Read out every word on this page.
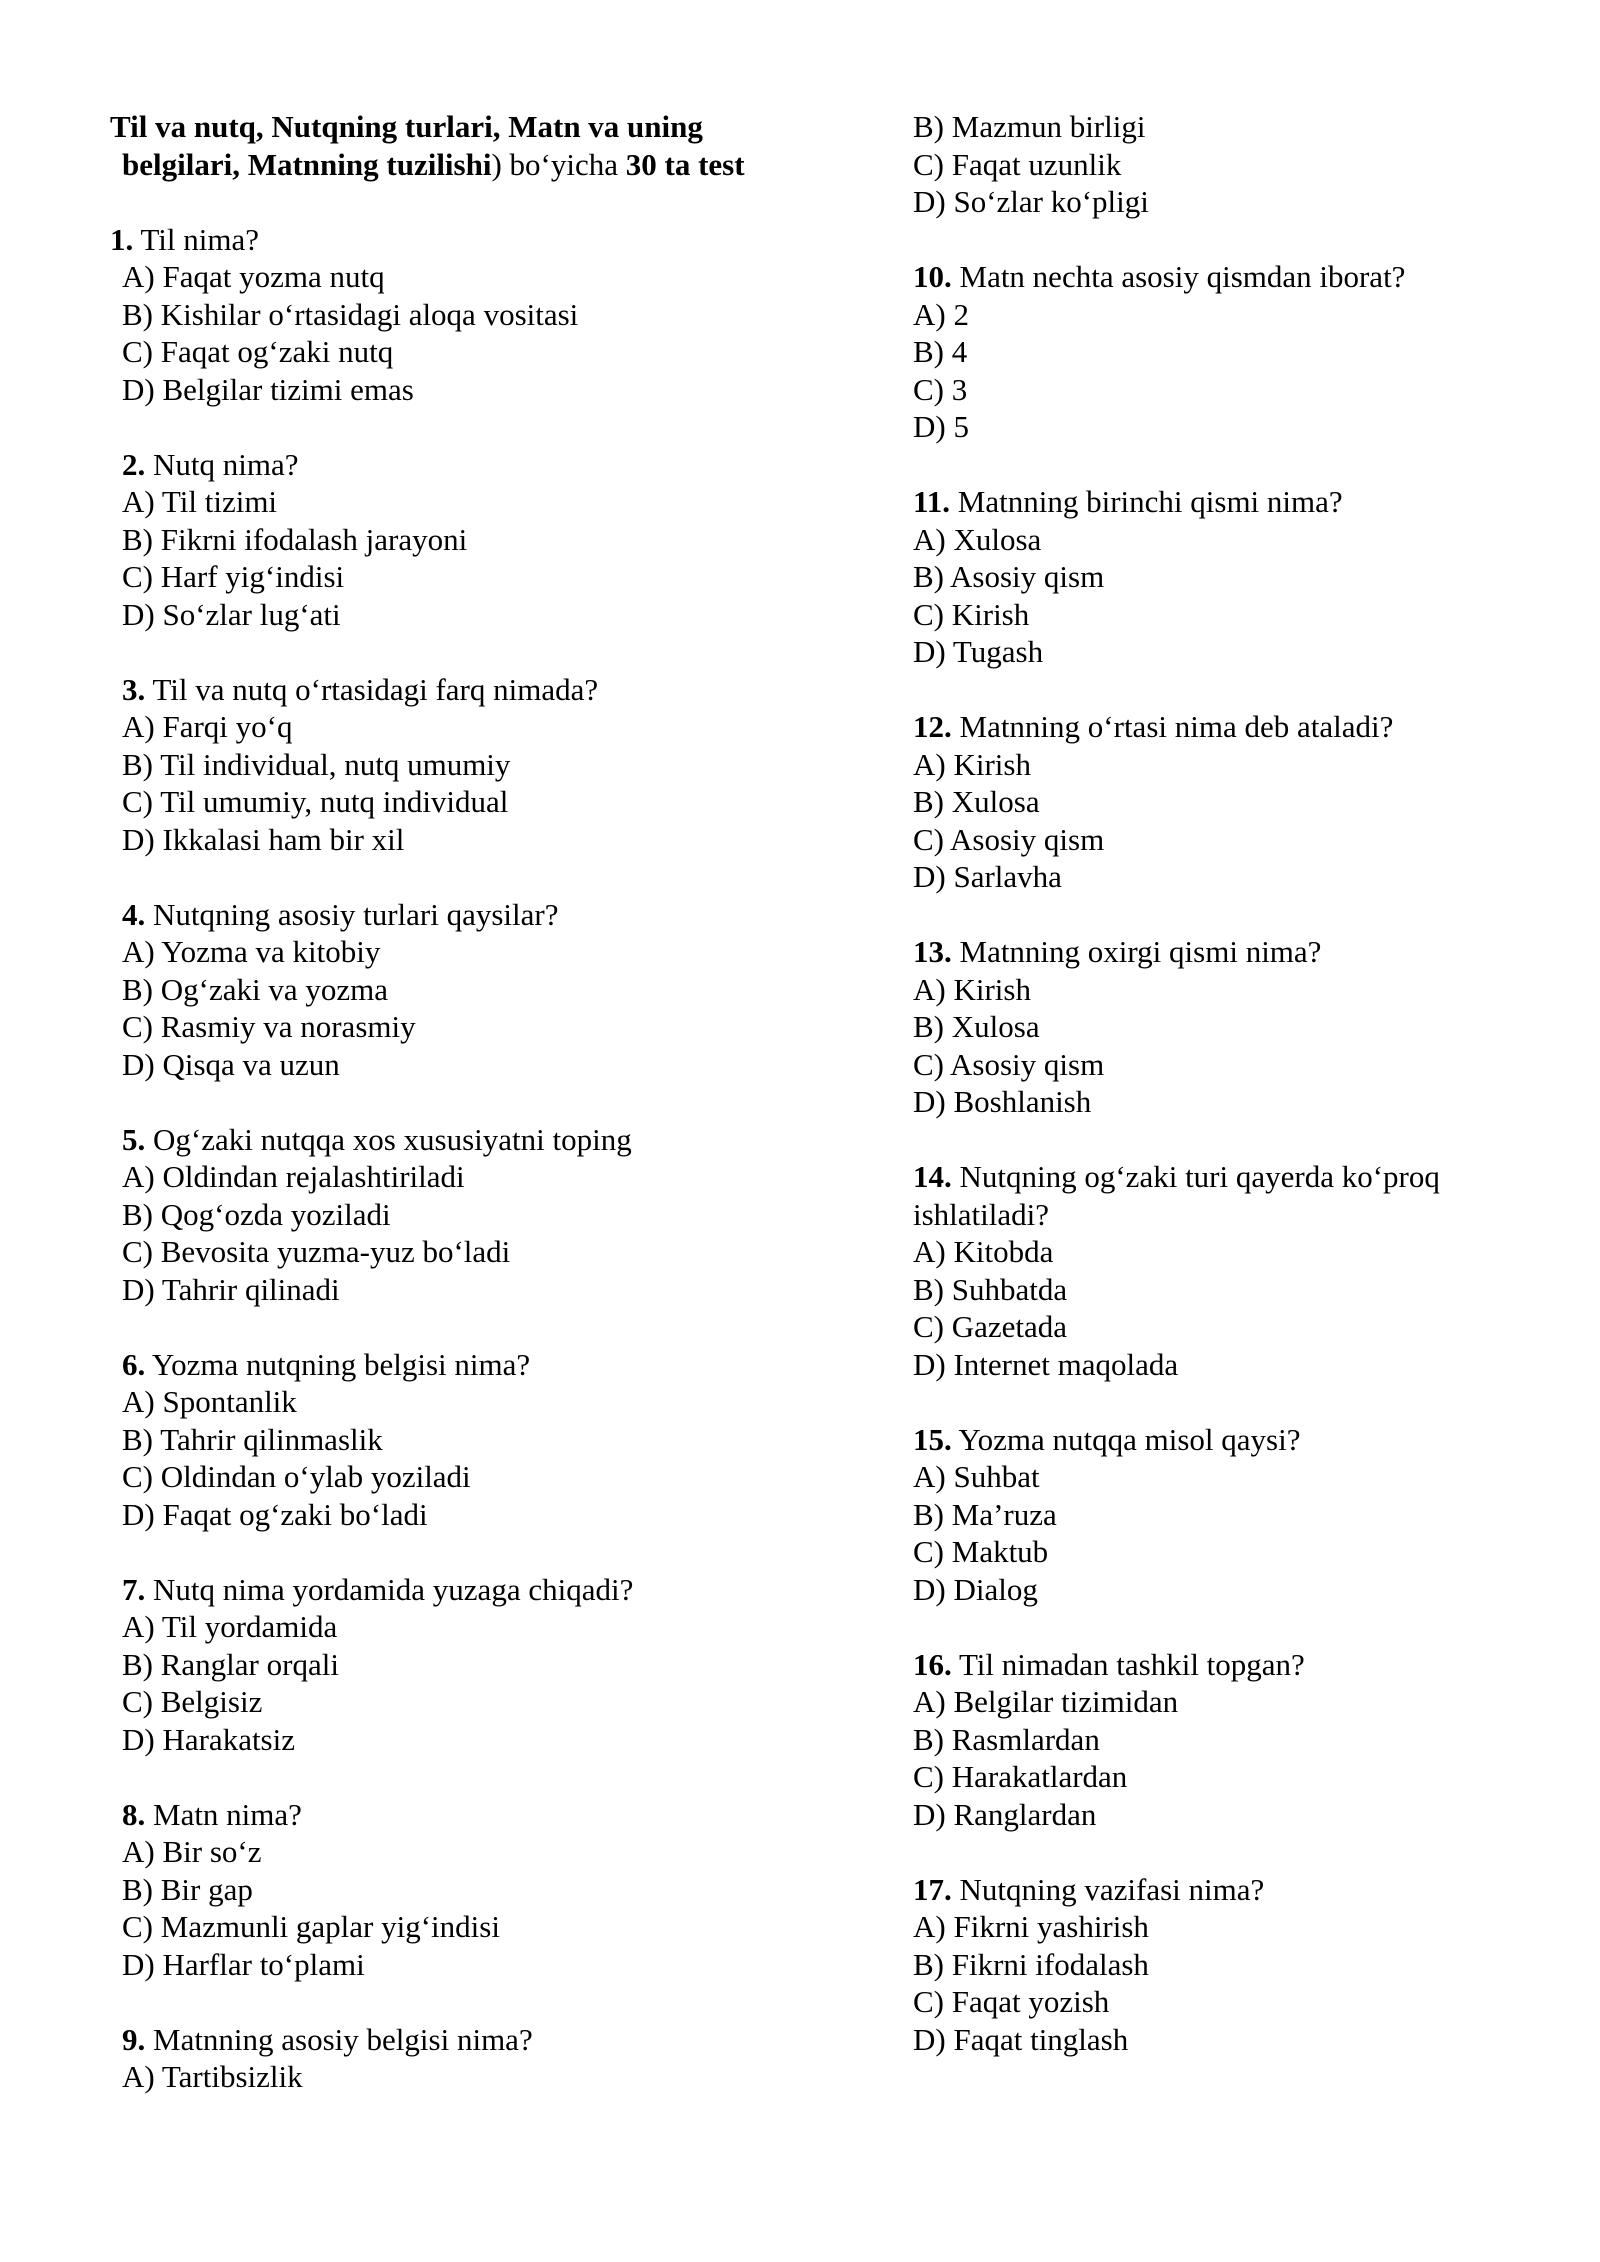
Til va nutq, Nutqning turlari, Matn va uning
belgilari, Matnning tuzilishi) bo‘yicha 30 ta test

1. Til nima?
A) Faqat yozma nutq
B) Kishilar o‘rtasidagi aloqa vositasi
C) Faqat og‘zaki nutq
D) Belgilar tizimi emas
2. Nutq nima?
A) Til tizimi
B) Fikrni ifodalash jarayoni
C) Harf yig‘indisi
D) So‘zlar lug‘ati
3. Til va nutq o‘rtasidagi farq nimada?
A) Farqi yo‘q
B) Til individual, nutq umumiy
C) Til umumiy, nutq individual
D) Ikkalasi ham bir xil
4. Nutqning asosiy turlari qaysilar?
A) Yozma va kitobiy
B) Og‘zaki va yozma
C) Rasmiy va norasmiy
D) Qisqa va uzun
5. Og‘zaki nutqqa xos xususiyatni toping
A) Oldindan rejalashtiriladi
B) Qog‘ozda yoziladi
C) Bevosita yuzma-yuz bo‘ladi
D) Tahrir qilinadi
6. Yozma nutqning belgisi nima?
A) Spontanlik
B) Tahrir qilinmaslik
C) Oldindan o‘ylab yoziladi
D) Faqat og‘zaki bo‘ladi
7. Nutq nima yordamida yuzaga chiqadi?
A) Til yordamida
B) Ranglar orqali
C) Belgisiz
D) Harakatsiz
8. Matn nima?
A) Bir so‘z
B) Bir gap
C) Mazmunli gaplar yig‘indisi
D) Harflar to‘plami
9. Matnning asosiy belgisi nima?
A) Tartibsizlik
B) Mazmun birligi
C) Faqat uzunlik
D) So‘zlar ko‘pligi
10. Matn nechta asosiy qismdan iborat?
A) 2
B) 4
C) 3
D) 5
11. Matnning birinchi qismi nima?
A) Xulosa
B) Asosiy qism
C) Kirish
D) Tugash
12. Matnning o‘rtasi nima deb ataladi?
A) Kirish
B) Xulosa
C) Asosiy qism
D) Sarlavha
13. Matnning oxirgi qismi nima?
A) Kirish
B) Xulosa
C) Asosiy qism
D) Boshlanish
14. Nutqning og‘zaki turi qayerda ko‘proq
ishlatiladi?
A) Kitobda
B) Suhbatda
C) Gazetada
D) Internet maqolada
15. Yozma nutqqa misol qaysi?
A) Suhbat
B) Ma’ruza
C) Maktub
D) Dialog
16. Til nimadan tashkil topgan?
A) Belgilar tizimidan
B) Rasmlardan
C) Harakatlardan
D) Ranglardan
17. Nutqning vazifasi nima?
A) Fikrni yashirish
B) Fikrni ifodalash
C) Faqat yozish
D) Faqat tinglash
